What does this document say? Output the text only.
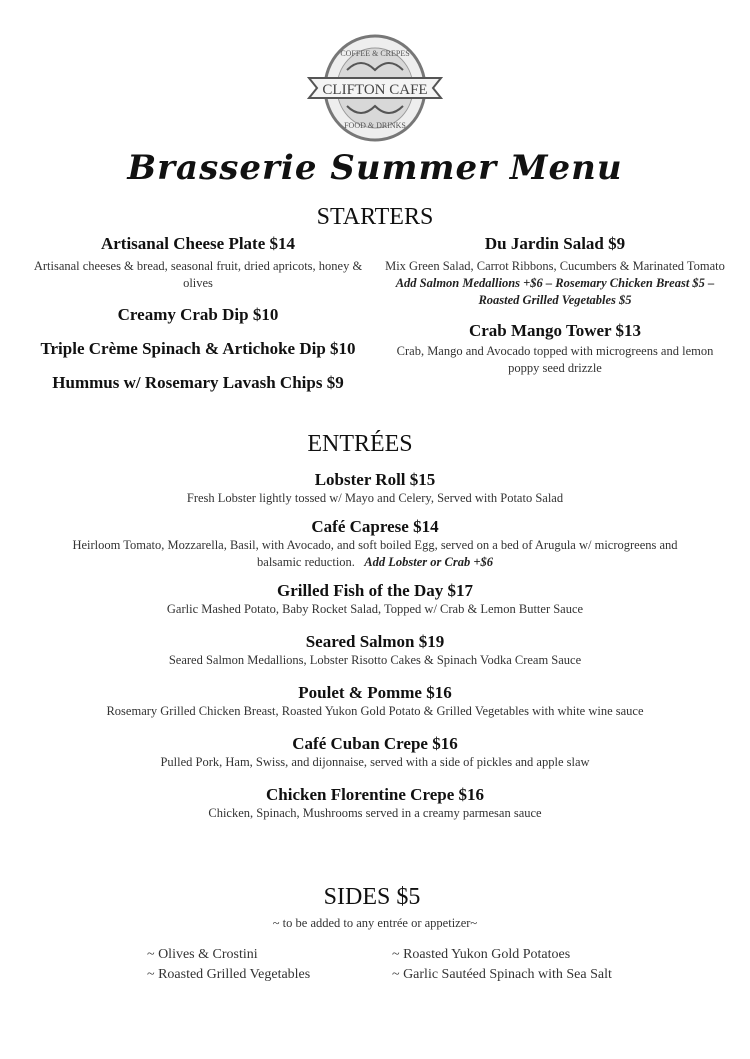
CLIFTON CAFE
COFFEE & CREPES
FOOD & DRINKS
Brasserie Summer Menu
STARTERS
Artisanal Cheese Plate $14
Artisanal cheeses & bread, seasonal fruit, dried apricots, honey & olives
Creamy Crab Dip $10
Triple Crème Spinach & Artichoke Dip $10
Hummus w/ Rosemary Lavash Chips $9
Du Jardin Salad $9
Mix Green Salad, Carrot Ribbons, Cucumbers & Marinated Tomato
Add Salmon Medallions +$6 – Rosemary Chicken Breast $5 – Roasted Grilled Vegetables $5
Crab Mango Tower $13
Crab, Mango and Avocado topped with microgreens and lemon poppy seed drizzle
ENTRÉES
Lobster Roll $15
Fresh Lobster lightly tossed w/ Mayo and Celery, Served with Potato Salad
Café Caprese $14
Heirloom Tomato, Mozzarella, Basil, with Avocado, and soft boiled Egg, served on a bed of Arugula w/ microgreens and balsamic reduction. Add Lobster or Crab +$6
Grilled Fish of the Day $17
Garlic Mashed Potato, Baby Rocket Salad, Topped w/ Crab & Lemon Butter Sauce
Seared Salmon $19
Seared Salmon Medallions, Lobster Risotto Cakes & Spinach Vodka Cream Sauce
Poulet & Pomme $16
Rosemary Grilled Chicken Breast, Roasted Yukon Gold Potato & Grilled Vegetables with white wine sauce
Café Cuban Crepe $16
Pulled Pork, Ham, Swiss, and dijonnaise, served with a side of pickles and apple slaw
Chicken Florentine Crepe $16
Chicken, Spinach, Mushrooms served in a creamy parmesan sauce
SIDES $5
~ to be added to any entrée or appetizer~
~ Olives & Crostini
~ Roasted Grilled Vegetables
~ Roasted Yukon Gold Potatoes
~ Garlic Sautéed Spinach with Sea Salt
